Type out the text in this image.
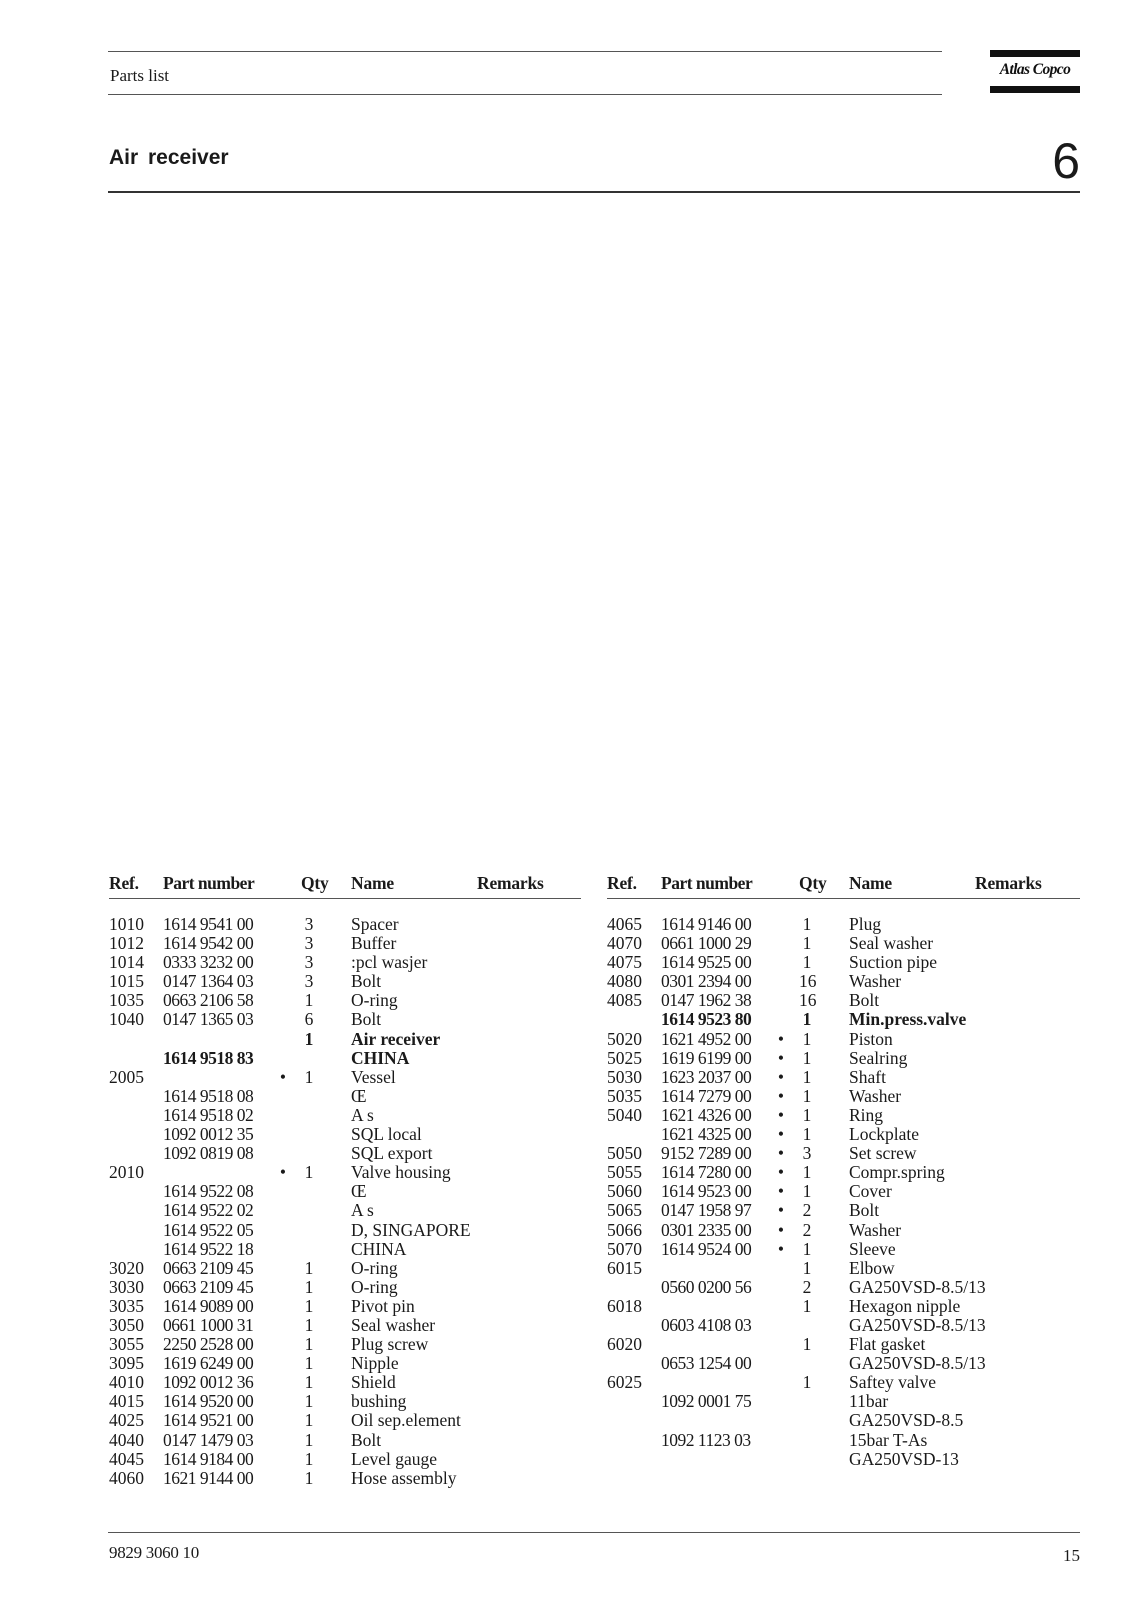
Parts list	Atlas Copco
Air receiver	6
Ref. Part number	Qty Name	Remarks
1010 1614 9541 00	3 Spacer
1012 1614 9542 00	3 Buffer
1014 0333 3232 00	3 :pcl wasjer
1015 0147 1364 03	3 Bolt
1035 0663 2106 58	1 O-ring
1040 0147 1365 03	6 Bolt
1 Air receiver
1614 9518 83	CHINA
2005	• 1 Vessel
1614 9518 08	Œ
1614 9518 02	A s
1092 0012 35	SQL local
1092 0819 08	SQL export
2010	• 1 Valve housing
1614 9522 08	Œ
1614 9522 02	A s
1614 9522 05	D, SINGAPORE
1614 9522 18	CHINA
3020 0663 2109 45	1 O-ring
3030 0663 2109 45	1 O-ring
3035 1614 9089 00	1 Pivot pin
3050 0661 1000 31	1 Seal washer
3055 2250 2528 00	1 Plug screw
3095 1619 6249 00	1 Nipple
4010 1092 0012 36	1 Shield
4015 1614 9520 00	1 bushing
4025 1614 9521 00	1 Oil sep.element
4040 0147 1479 03	1 Bolt
4045 1614 9184 00	1 Level gauge
4060 1621 9144 00	1 Hose assembly
Ref. Part number	Qty Name	Remarks
4065 1614 9146 00	1 Plug
4070 0661 1000 29	1 Seal washer
4075 1614 9525 00	1 Suction pipe
4080 0301 2394 00	16 Washer
4085 0147 1962 38	16 Bolt
1614 9523 80	1 Min.press.valve
5020 1621 4952 00 • 1 Piston
5025 1619 6199 00 • 1 Sealring
5030 1623 2037 00 • 1 Shaft
5035 1614 7279 00 • 1 Washer
5040 1621 4326 00 • 1 Ring
1621 4325 00 • 1 Lockplate
5050 9152 7289 00 • 3 Set screw
5055 1614 7280 00 • 1 Compr.spring
5060 1614 9523 00 • 1 Cover
5065 0147 1958 97 • 2 Bolt
5066 0301 2335 00 • 2 Washer
5070 1614 9524 00 • 1 Sleeve
6015	1 Elbow
0560 0200 56	2 GA250VSD-8.5/13
6018	1 Hexagon nipple
0603 4108 03	GA250VSD-8.5/13
6020	1 Flat gasket
0653 1254 00	GA250VSD-8.5/13
6025	1 Saftey valve
1092 0001 75	11bar
GA250VSD-8.5
1092 1123 03	15bar T-As
GA250VSD-13
9829 3060 10	15
